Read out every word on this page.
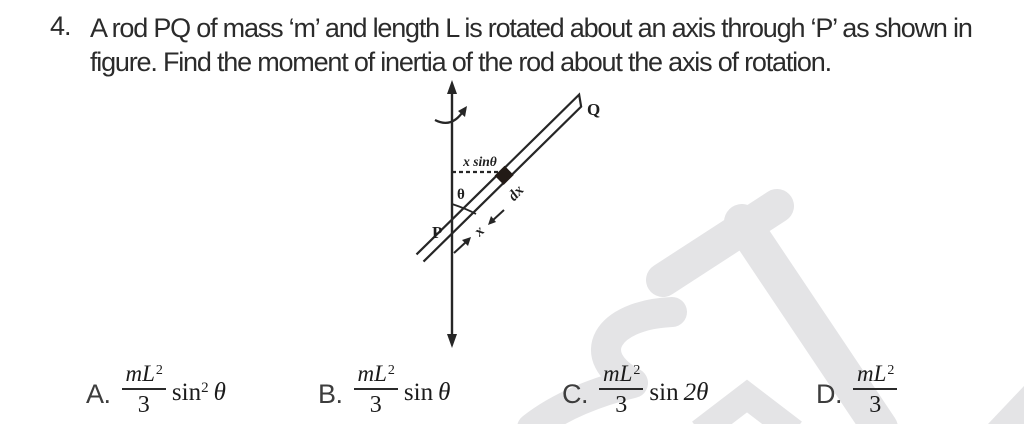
4. A rod PQ of mass ‘m’ and length L is rotated about an axis through ‘P’ as shown in
figure. Find the moment of inertia of the rod about the axis of rotation.
Q
P
x sinθ
θ	dx
x
A. $\frac{mL^2}{3} \sin^2 \theta$	B. $\frac{mL^2}{3}$ sin θ	C. $\frac{mL^2}{3}$ sin 2θ	D. $\frac{mL^2}{3}$
